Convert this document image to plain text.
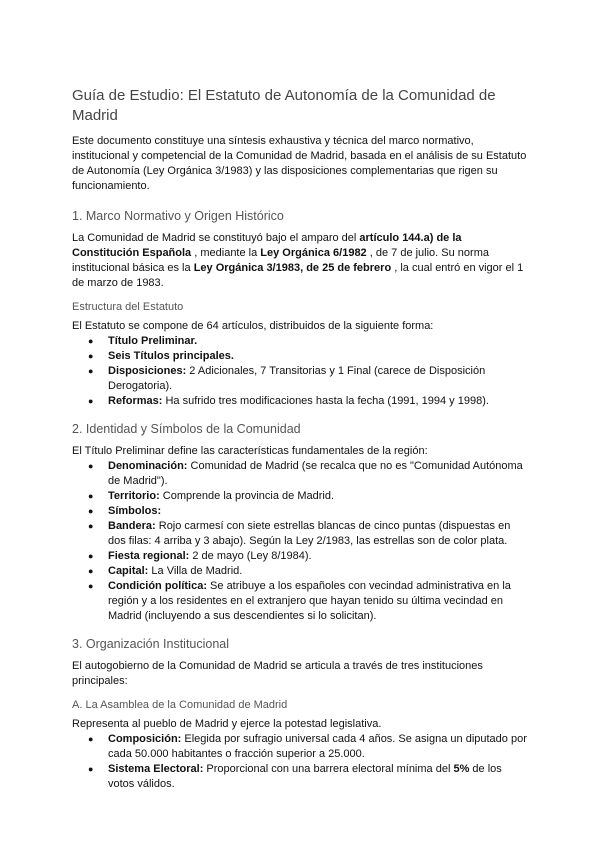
Guía de Estudio: El Estatuto de Autonomía de la Comunidad de Madrid

Este documento constituye una síntesis exhaustiva y técnica del marco normativo, institucional y competencial de la Comunidad de Madrid, basada en el análisis de su Estatuto de Autonomía (Ley Orgánica 3/1983) y las disposiciones complementarias que rigen su funcionamiento.

1. Marco Normativo y Origen Histórico

La Comunidad de Madrid se constituyó bajo el amparo del artículo 144.a) de la Constitución Española , mediante la Ley Orgánica 6/1982 , de 7 de julio. Su norma institucional básica es la Ley Orgánica 3/1983, de 25 de febrero , la cual entró en vigor el 1 de marzo de 1983.

Estructura del Estatuto

El Estatuto se compone de 64 artículos, distribuidos de la siguiente forma:

● Título Preliminar.
● Seis Títulos principales.
● Disposiciones: 2 Adicionales, 7 Transitorias y 1 Final (carece de Disposición Derogatoria).
● Reformas: Ha sufrido tres modificaciones hasta la fecha (1991, 1994 y 1998).
2. Identidad y Símbolos de la Comunidad

El Título Preliminar define las características fundamentales de la región:

● Denominación: Comunidad de Madrid (se recalca que no es "Comunidad Autónoma de Madrid").
● Territorio: Comprende la provincia de Madrid.
● Símbolos:
● Bandera: Rojo carmesí con siete estrellas blancas de cinco puntas (dispuestas en dos filas: 4 arriba y 3 abajo). Según la Ley 2/1983, las estrellas son de color plata.
● Fiesta regional: 2 de mayo (Ley 8/1984).
● Capital: La Villa de Madrid.
● Condición política: Se atribuye a los españoles con vecindad administrativa en la región y a los residentes en el extranjero que hayan tenido su última vecindad en Madrid (incluyendo a sus descendientes si lo solicitan).
3. Organización Institucional

El autogobierno de la Comunidad de Madrid se articula a través de tres instituciones principales:

A. La Asamblea de la Comunidad de Madrid

Representa al pueblo de Madrid y ejerce la potestad legislativa.

● Composición: Elegida por sufragio universal cada 4 años. Se asigna un diputado por cada 50.000 habitantes o fracción superior a 25.000.
● Sistema Electoral: Proporcional con una barrera electoral mínima del 5% de los votos válidos.
